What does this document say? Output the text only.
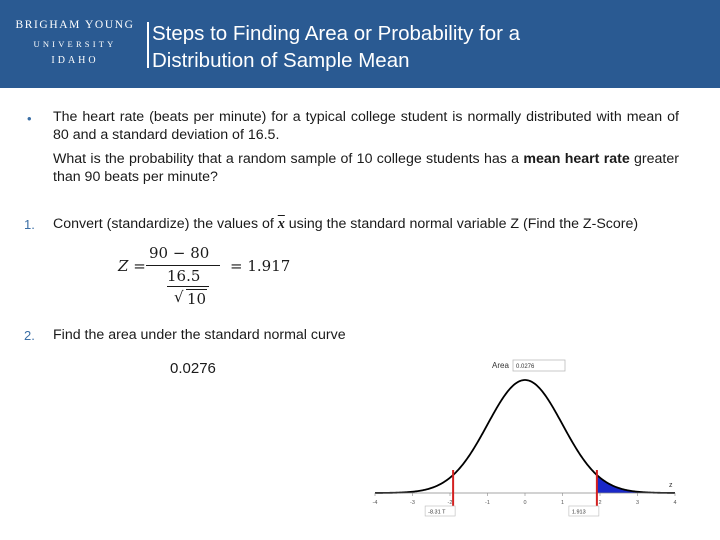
BRIGHAM YOUNG
UNIVERSITY
IDAHO
Steps to Finding Area or Probability for a
Distribution of Sample Mean
• The heart rate (beats per minute) for a typical college student is normally distributed with mean of 80 and a standard deviation of 16.5.
What is the probability that a random sample of 10 college students has a mean heart rate greater than 90 beats per minute?
1. Convert (standardize) the values of $\overline{x}$ using the standard normal variable Z (Find the Z-Score)
Z =
90 − 80
16.5
√ 10
= 1.917
2. Find the area under the standard normal curve
0.0276	Area 0.0276
z
-4	-3	-2	-1	0	1	2	3	4
-8.31 T	1.913
